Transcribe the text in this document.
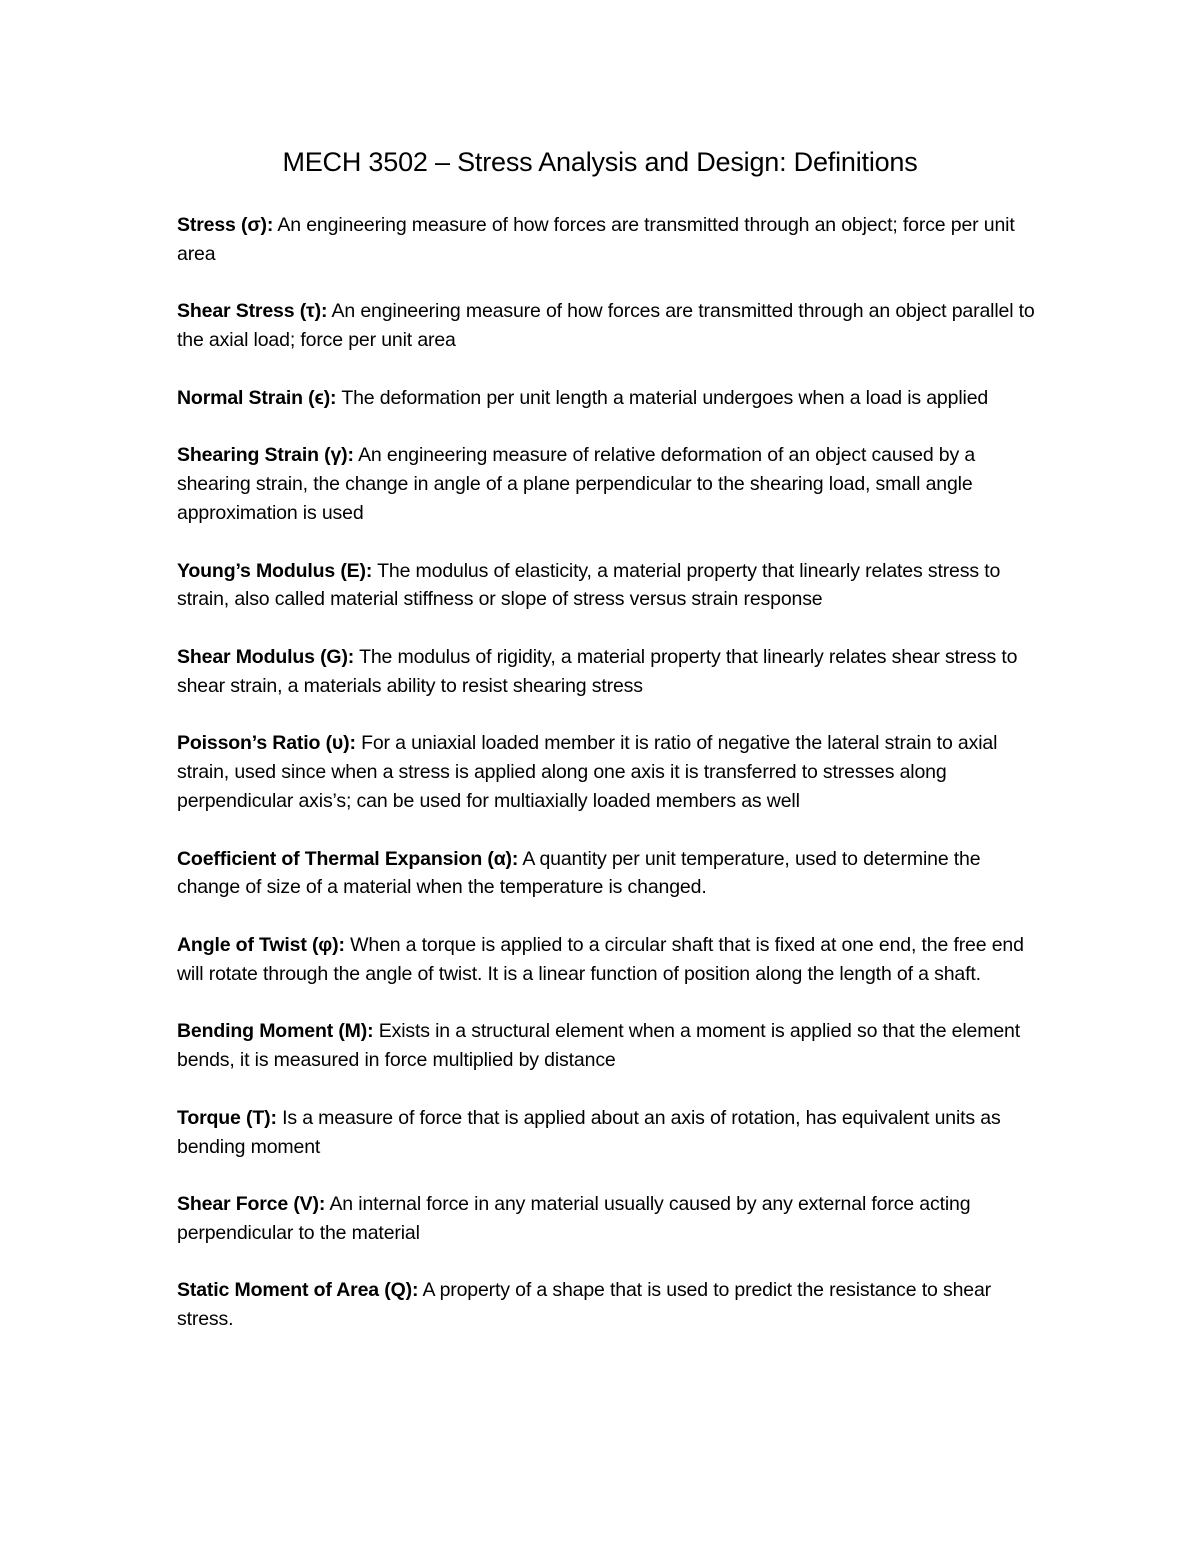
MECH 3502 – Stress Analysis and Design: Definitions
Stress (σ): An engineering measure of how forces are transmitted through an object; force per unit area
Shear Stress (τ): An engineering measure of how forces are transmitted through an object parallel to the axial load; force per unit area
Normal Strain (ϵ): The deformation per unit length a material undergoes when a load is applied
Shearing Strain (γ): An engineering measure of relative deformation of an object caused by a shearing strain, the change in angle of a plane perpendicular to the shearing load, small angle approximation is used
Young’s Modulus (E): The modulus of elasticity, a material property that linearly relates stress to strain, also called material stiffness or slope of stress versus strain response
Shear Modulus (G): The modulus of rigidity, a material property that linearly relates shear stress to shear strain, a materials ability to resist shearing stress
Poisson’s Ratio (υ): For a uniaxial loaded member it is ratio of negative the lateral strain to axial strain, used since when a stress is applied along one axis it is transferred to stresses along perpendicular axis’s; can be used for multiaxially loaded members as well
Coefficient of Thermal Expansion (α): A quantity per unit temperature, used to determine the change of size of a material when the temperature is changed.
Angle of Twist (φ): When a torque is applied to a circular shaft that is fixed at one end, the free end will rotate through the angle of twist. It is a linear function of position along the length of a shaft.
Bending Moment (M): Exists in a structural element when a moment is applied so that the element bends, it is measured in force multiplied by distance
Torque (T): Is a measure of force that is applied about an axis of rotation, has equivalent units as bending moment
Shear Force (V): An internal force in any material usually caused by any external force acting perpendicular to the material
Static Moment of Area (Q): A property of a shape that is used to predict the resistance to shear stress.
